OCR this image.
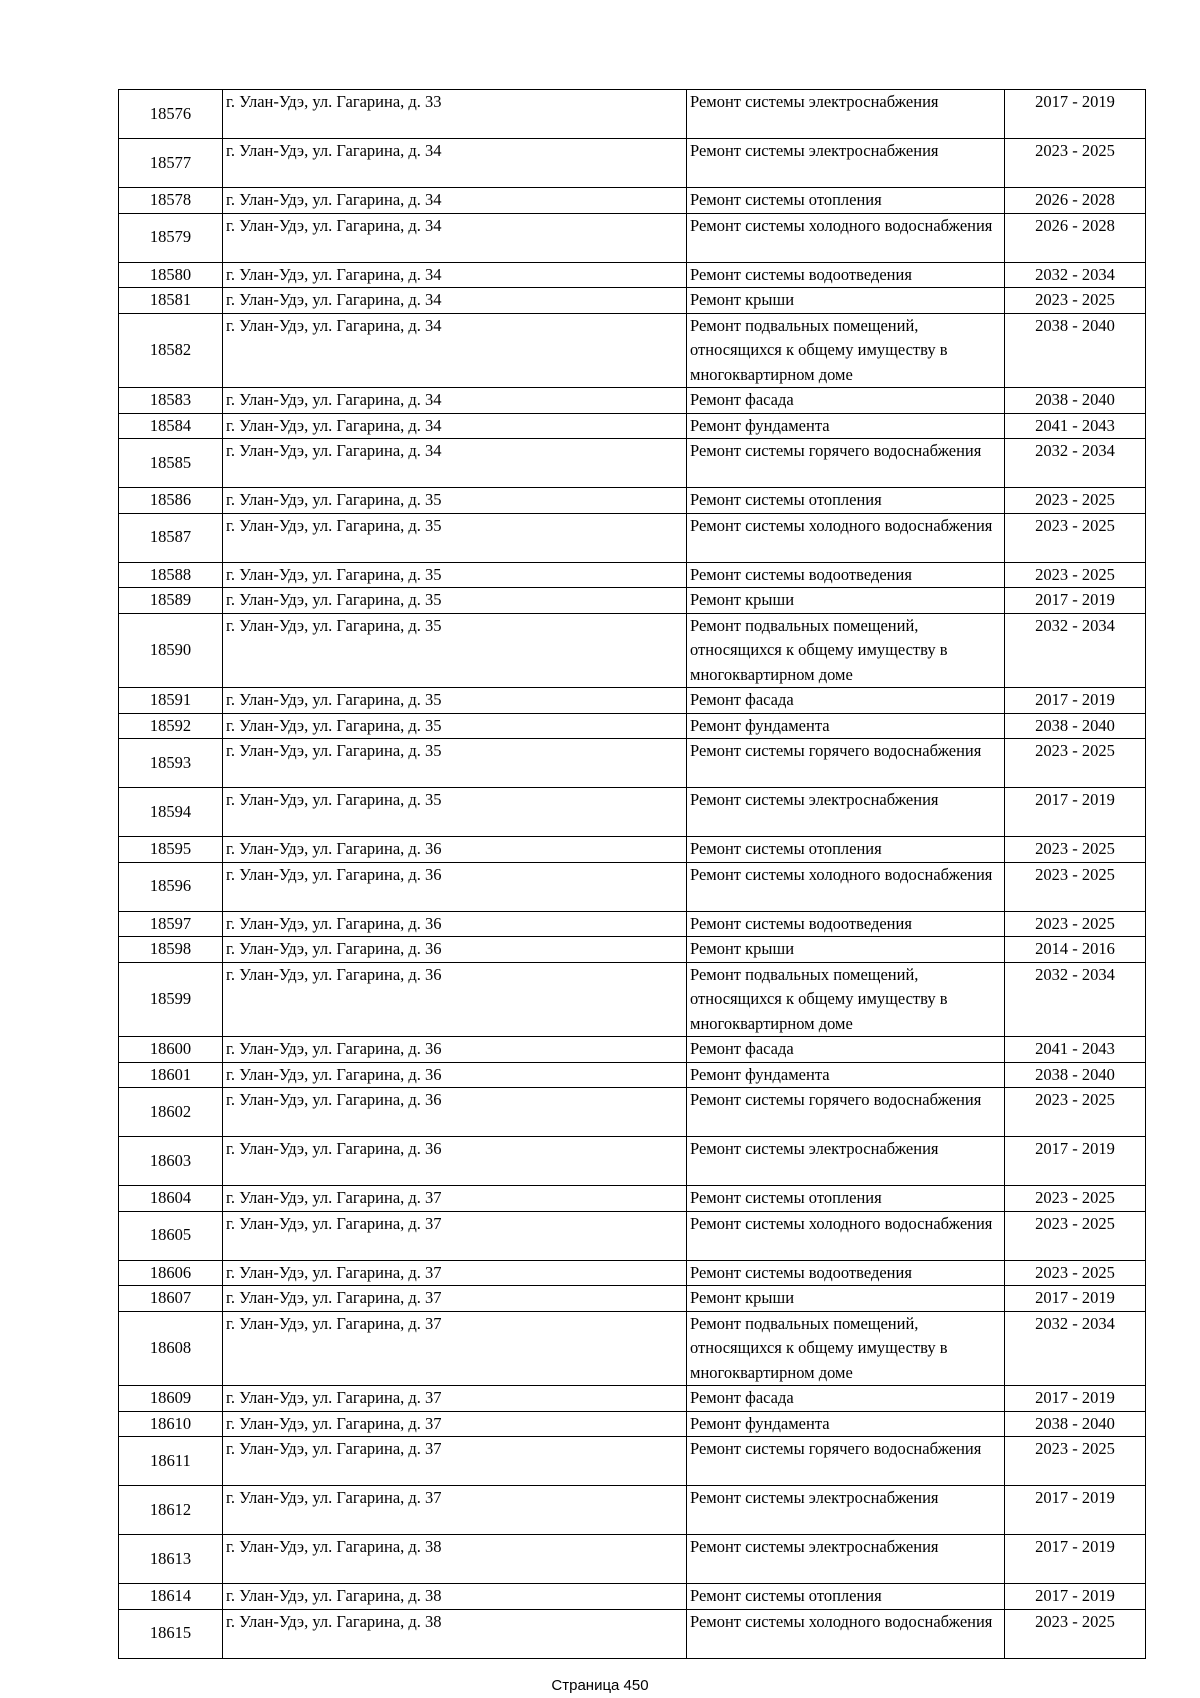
18576	г. Улан-Удэ, ул. Гагарина, д. 33	Ремонт системы электроснабжения	2017 - 2019
18577	г. Улан-Удэ, ул. Гагарина, д. 34	Ремонт системы электроснабжения	2023 - 2025
18578	г. Улан-Удэ, ул. Гагарина, д. 34	Ремонт системы отопления	2026 - 2028
18579	г. Улан-Удэ, ул. Гагарина, д. 34	Ремонт системы холодного водоснабжения	2026 - 2028
18580	г. Улан-Удэ, ул. Гагарина, д. 34	Ремонт системы водоотведения	2032 - 2034
18581	г. Улан-Удэ, ул. Гагарина, д. 34	Ремонт крыши	2023 - 2025
18582	г. Улан-Удэ, ул. Гагарина, д. 34	Ремонт подвальных помещений, относящихся к общему имуществу в многоквартирном доме	2038 - 2040
18583	г. Улан-Удэ, ул. Гагарина, д. 34	Ремонт фасада	2038 - 2040
18584	г. Улан-Удэ, ул. Гагарина, д. 34	Ремонт фундамента	2041 - 2043
18585	г. Улан-Удэ, ул. Гагарина, д. 34	Ремонт системы горячего водоснабжения	2032 - 2034
18586	г. Улан-Удэ, ул. Гагарина, д. 35	Ремонт системы отопления	2023 - 2025
18587	г. Улан-Удэ, ул. Гагарина, д. 35	Ремонт системы холодного водоснабжения	2023 - 2025
18588	г. Улан-Удэ, ул. Гагарина, д. 35	Ремонт системы водоотведения	2023 - 2025
18589	г. Улан-Удэ, ул. Гагарина, д. 35	Ремонт крыши	2017 - 2019
18590	г. Улан-Удэ, ул. Гагарина, д. 35	Ремонт подвальных помещений, относящихся к общему имуществу в многоквартирном доме	2032 - 2034
18591	г. Улан-Удэ, ул. Гагарина, д. 35	Ремонт фасада	2017 - 2019
18592	г. Улан-Удэ, ул. Гагарина, д. 35	Ремонт фундамента	2038 - 2040
18593	г. Улан-Удэ, ул. Гагарина, д. 35	Ремонт системы горячего водоснабжения	2023 - 2025
18594	г. Улан-Удэ, ул. Гагарина, д. 35	Ремонт системы электроснабжения	2017 - 2019
18595	г. Улан-Удэ, ул. Гагарина, д. 36	Ремонт системы отопления	2023 - 2025
18596	г. Улан-Удэ, ул. Гагарина, д. 36	Ремонт системы холодного водоснабжения	2023 - 2025
18597	г. Улан-Удэ, ул. Гагарина, д. 36	Ремонт системы водоотведения	2023 - 2025
18598	г. Улан-Удэ, ул. Гагарина, д. 36	Ремонт крыши	2014 - 2016
18599	г. Улан-Удэ, ул. Гагарина, д. 36	Ремонт подвальных помещений, относящихся к общему имуществу в многоквартирном доме	2032 - 2034
18600	г. Улан-Удэ, ул. Гагарина, д. 36	Ремонт фасада	2041 - 2043
18601	г. Улан-Удэ, ул. Гагарина, д. 36	Ремонт фундамента	2038 - 2040
18602	г. Улан-Удэ, ул. Гагарина, д. 36	Ремонт системы горячего водоснабжения	2023 - 2025
18603	г. Улан-Удэ, ул. Гагарина, д. 36	Ремонт системы электроснабжения	2017 - 2019
18604	г. Улан-Удэ, ул. Гагарина, д. 37	Ремонт системы отопления	2023 - 2025
18605	г. Улан-Удэ, ул. Гагарина, д. 37	Ремонт системы холодного водоснабжения	2023 - 2025
18606	г. Улан-Удэ, ул. Гагарина, д. 37	Ремонт системы водоотведения	2023 - 2025
18607	г. Улан-Удэ, ул. Гагарина, д. 37	Ремонт крыши	2017 - 2019
18608	г. Улан-Удэ, ул. Гагарина, д. 37	Ремонт подвальных помещений, относящихся к общему имуществу в многоквартирном доме	2032 - 2034
18609	г. Улан-Удэ, ул. Гагарина, д. 37	Ремонт фасада	2017 - 2019
18610	г. Улан-Удэ, ул. Гагарина, д. 37	Ремонт фундамента	2038 - 2040
18611	г. Улан-Удэ, ул. Гагарина, д. 37	Ремонт системы горячего водоснабжения	2023 - 2025
18612	г. Улан-Удэ, ул. Гагарина, д. 37	Ремонт системы электроснабжения	2017 - 2019
18613	г. Улан-Удэ, ул. Гагарина, д. 38	Ремонт системы электроснабжения	2017 - 2019
18614	г. Улан-Удэ, ул. Гагарина, д. 38	Ремонт системы отопления	2017 - 2019
18615	г. Улан-Удэ, ул. Гагарина, д. 38	Ремонт системы холодного водоснабжения	2023 - 2025
Страница 450
